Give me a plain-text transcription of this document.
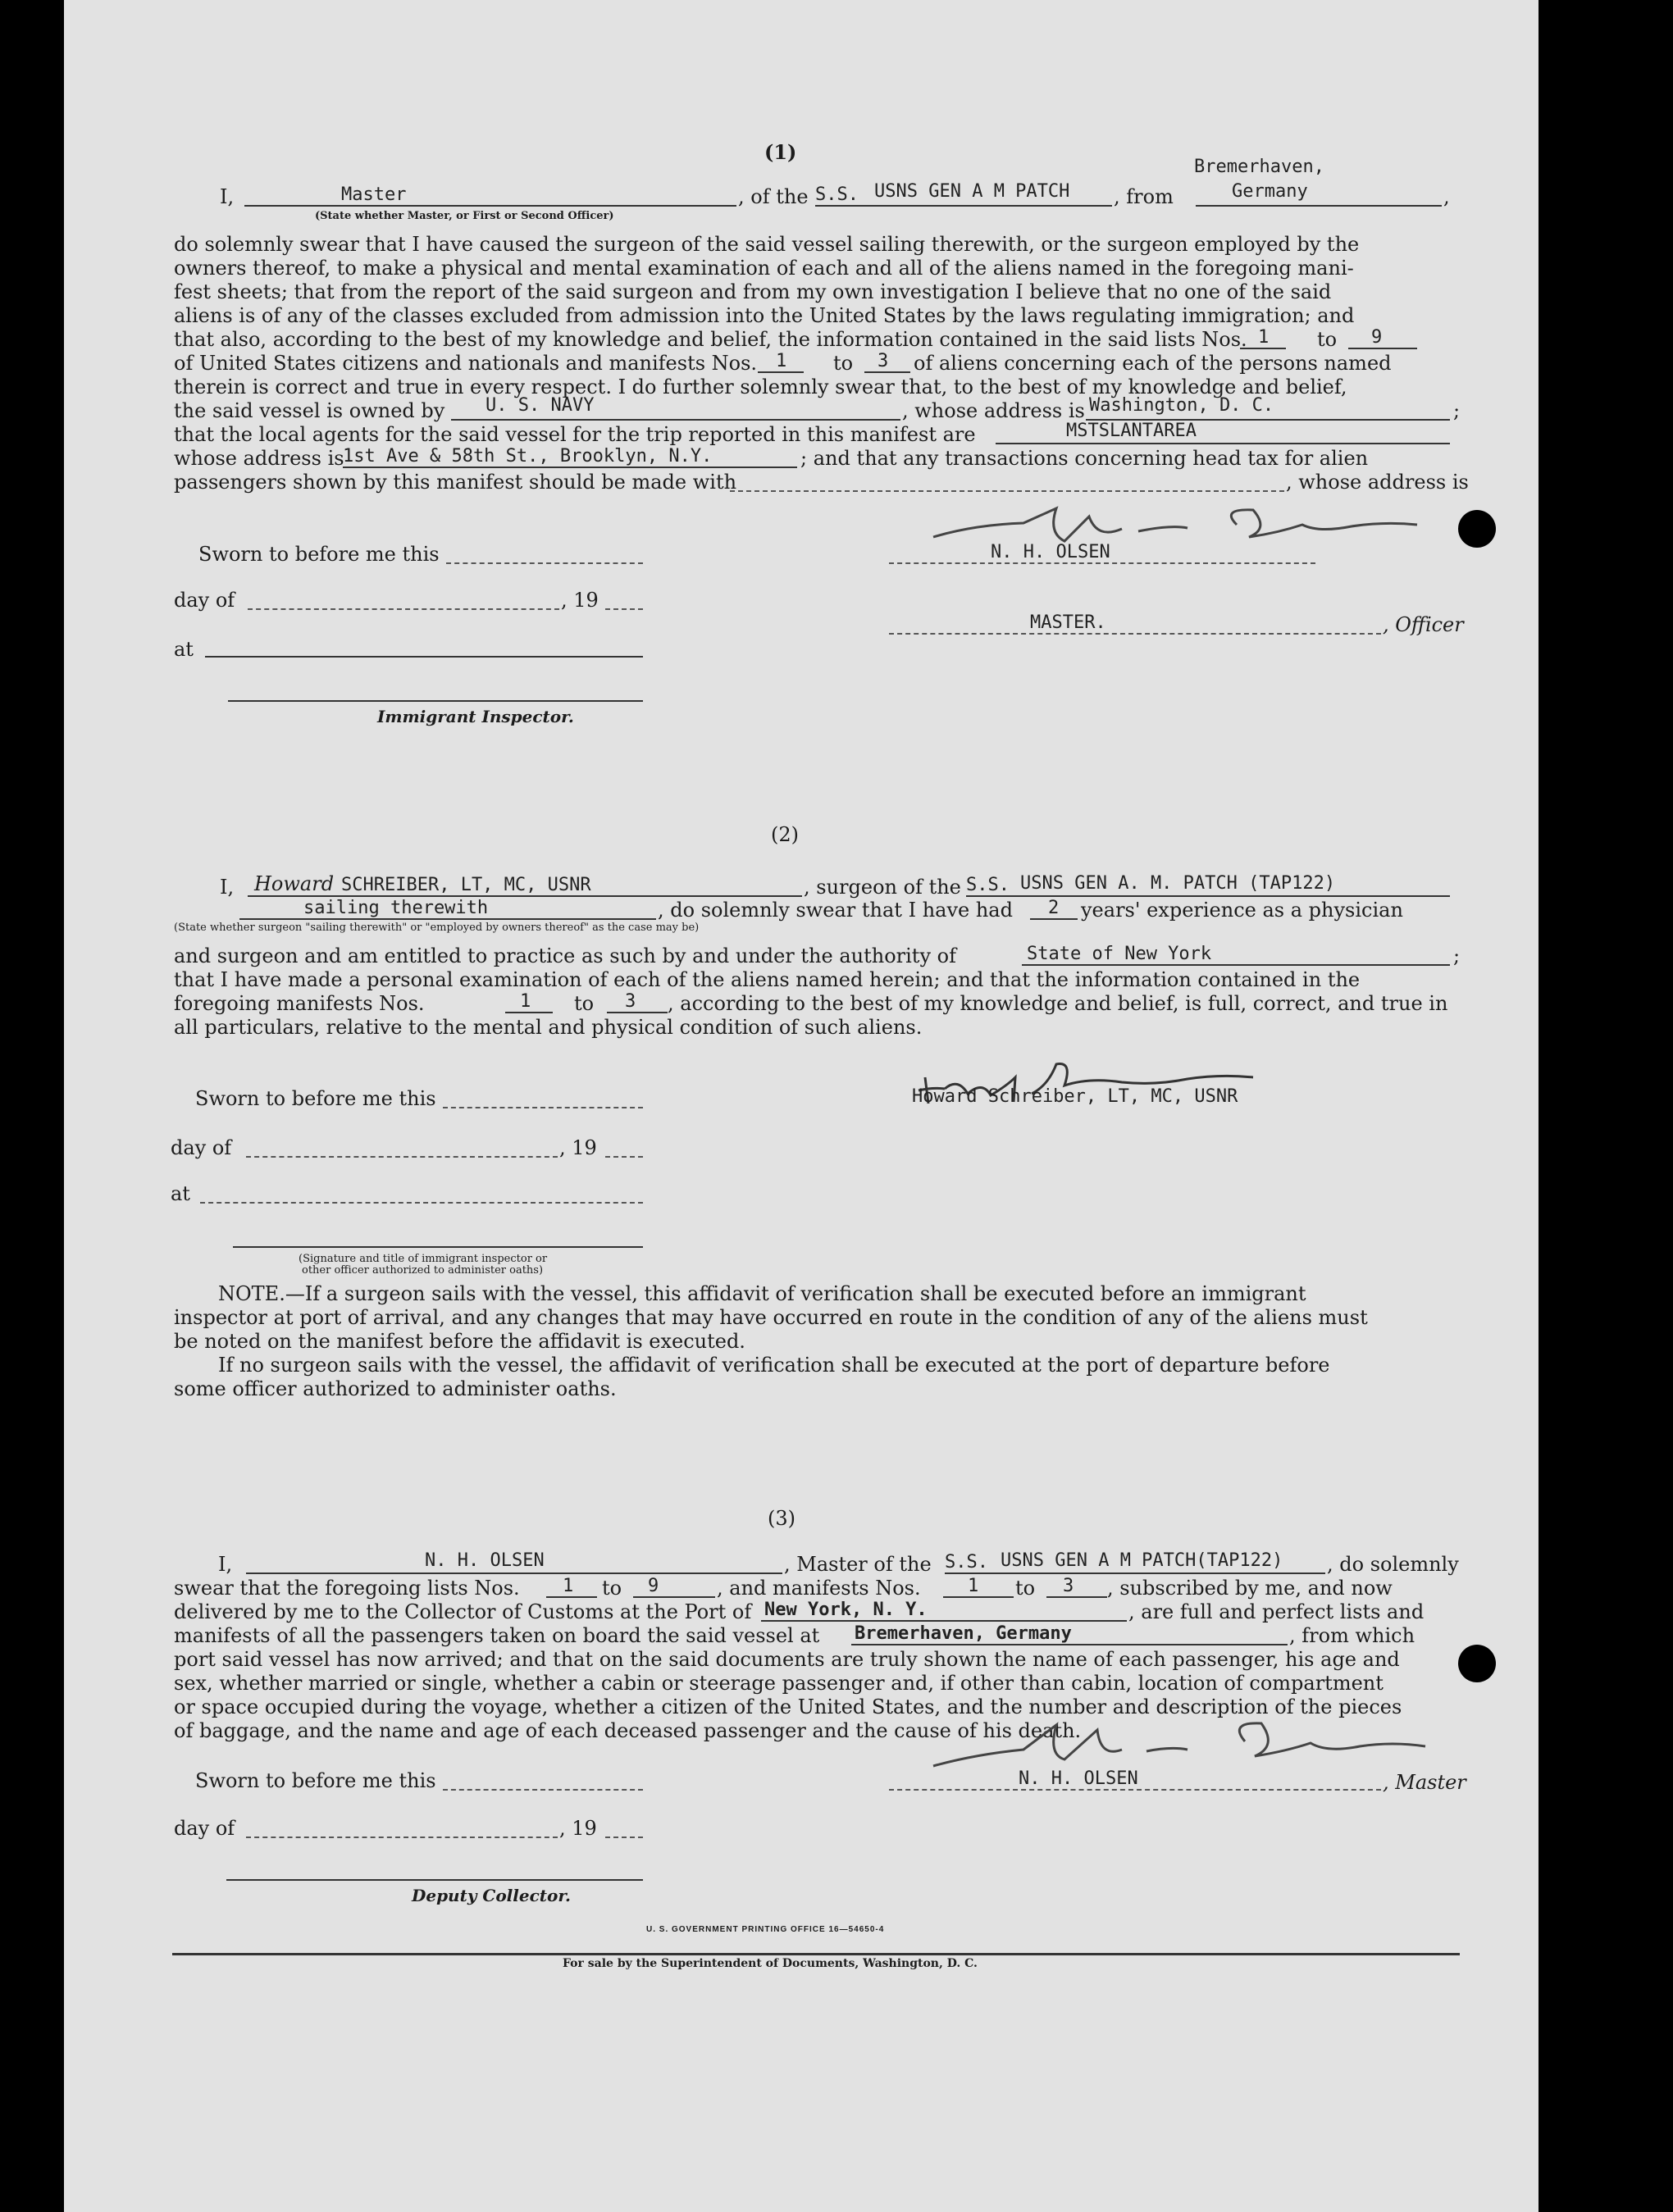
(1)
Bremerhaven,
I,	Master	, of the S.S. USNS GEN A M PATCH , from	Germany	,
(State whether Master, or First or Second Officer)
do solemnly swear that I have caused the surgeon of the said vessel sailing therewith, or the surgeon employed by the
owners thereof, to make a physical and mental examination of each and all of the aliens named in the foregoing mani-
fest sheets; that from the report of the said surgeon and from my own investigation I believe that no one of the said
aliens is of any of the classes excluded from admission into the United States by the laws regulating immigration; and
that also, according to the best of my knowledge and belief, the information contained in the said lists Nos. 1 to 9
of United States citizens and nationals and manifests Nos. 1 to 3 of aliens concerning each of the persons named
therein is correct and true in every respect. I do further solemnly swear that, to the best of my knowledge and belief,
the said vessel is owned by U. S. NAVY	, whose address is Washington, D. C.	;
that the local agents for the said vessel for the trip reported in this manifest are	MSTSLANTAREA
whose address is
1st Ave & 58th St., Brooklyn, N.Y.	; and that any transactions concerning head tax for alien
passengers shown by this manifest should be made with	, whose address is
Sworn to before me this	N. H. OLSEN
day of	, 19
MASTER.	, Officer
at
Immigrant Inspector.
(2)
I, Howard SCHREIBER, LT, MC, USNR	, surgeon of the S.S. USNS GEN A. M. PATCH (TAP122)
sailing therewith	, do solemnly swear that I have had 2 years' experience as a physician
(State whether surgeon "sailing therewith" or "employed by owners thereof" as the case may be)
and surgeon and am entitled to practice as such by and under the authority of	State of New York	;
that I have made a personal examination of each of the aliens named herein; and that the information contained in the
foregoing manifests Nos.	1 to 3 , according to the best of my knowledge and belief, is full, correct, and true in
all particulars, relative to the mental and physical condition of such aliens.
Sworn to before me this	Howard Schreiber, LT, MC, USNR
day of	, 19
at
(Signature and title of immigrant inspector or
other officer authorized to administer oaths)
NOTE.—If a surgeon sails with the vessel, this affidavit of verification shall be executed before an immigrant
inspector at port of arrival, and any changes that may have occurred en route in the condition of any of the aliens must
be noted on the manifest before the affidavit is executed.
If no surgeon sails with the vessel, the affidavit of verification shall be executed at the port of departure before
some officer authorized to administer oaths.
(3)
I,	N. H. OLSEN	, Master of the S.S. USNS GEN A M PATCH(TAP122) , do solemnly
swear that the foregoing lists Nos. 1 to 9	, and manifests Nos.	1 to 3 , subscribed by me, and now
delivered by me to the Collector of Customs at the Port of New York, N. Y.	, are full and perfect lists and
manifests of all the passengers taken on board the said vessel at Bremerhaven, Germany	, from which
port said vessel has now arrived; and that on the said documents are truly shown the name of each passenger, his age and
sex, whether married or single, whether a cabin or steerage passenger and, if other than cabin, location of compartment
or space occupied during the voyage, whether a citizen of the United States, and the number and description of the pieces
of baggage, and the name and age of each deceased passenger and the cause of his death.
Sworn to before me this	N. H. OLSEN	, Master
day of	, 19
Deputy Collector.
U. S. GOVERNMENT PRINTING OFFICE 16—54650-4
For sale by the Superintendent of Documents, Washington, D. C.
